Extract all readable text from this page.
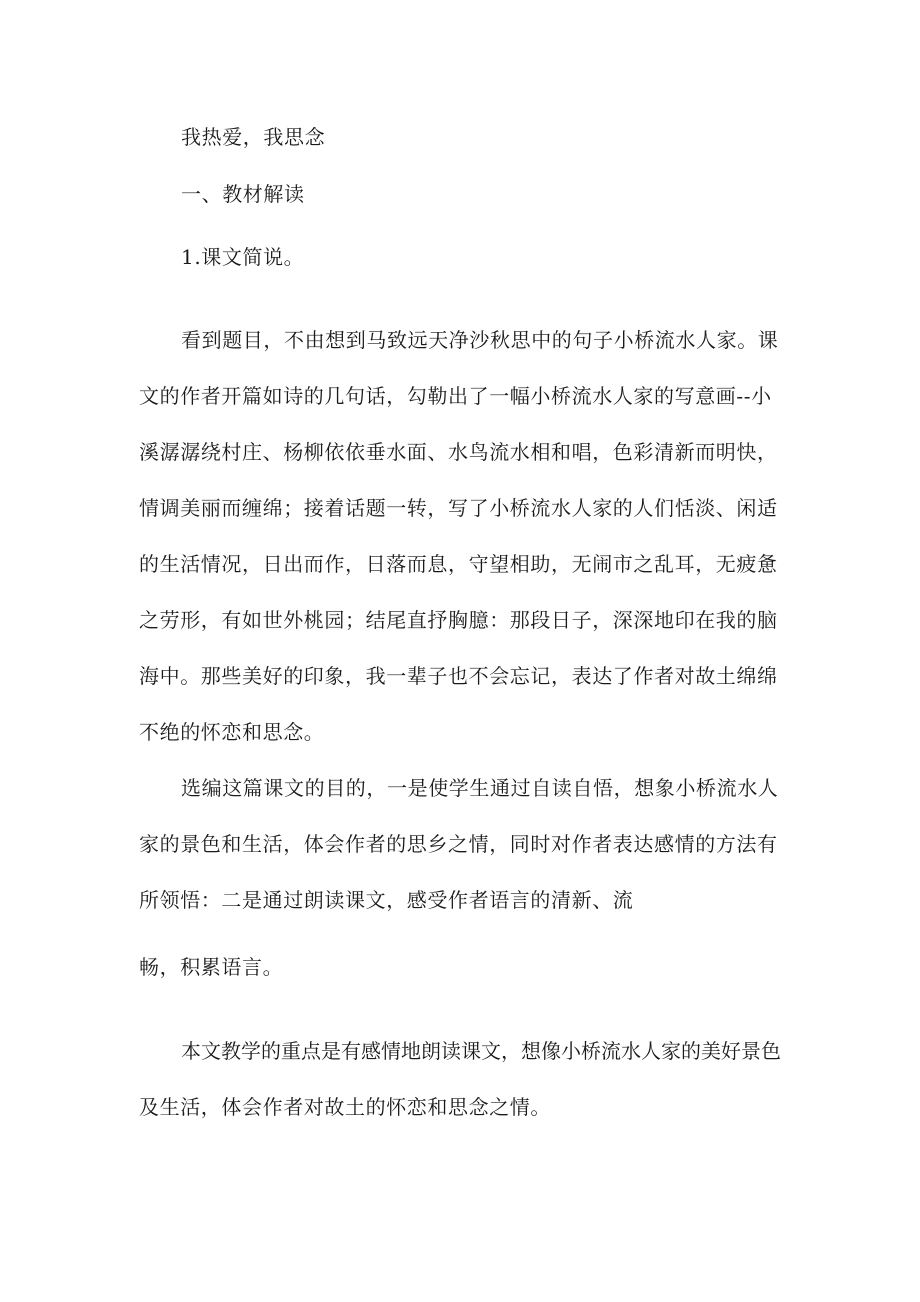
我热爱，我思念
一、教材解读
1.课文简说。
看到题目，不由想到马致远天净沙秋思中的句子小桥流水人家。课
文的作者开篇如诗的几句话，勾勒出了一幅小桥流水人家的写意画--小
溪潺潺绕村庄、杨柳依依垂水面、水鸟流水相和唱，色彩清新而明快，
情调美丽而缠绵；接着话题一转，写了小桥流水人家的人们恬淡、闲适
的生活情况，日出而作，日落而息，守望相助，无闹市之乱耳，无疲惫
之劳形，有如世外桃园；结尾直抒胸臆：那段日子，深深地印在我的脑
海中。那些美好的印象，我一辈子也不会忘记，表达了作者对故土绵绵
不绝的怀恋和思念。
选编这篇课文的目的，一是使学生通过自读自悟，想象小桥流水人
家的景色和生活，体会作者的思乡之情，同时对作者表达感情的方法有
所领悟：二是通过朗读课文，感受作者语言的清新、流
畅，积累语言。
本文教学的重点是有感情地朗读课文，想像小桥流水人家的美好景色
及生活，体会作者对故土的怀恋和思念之情。
